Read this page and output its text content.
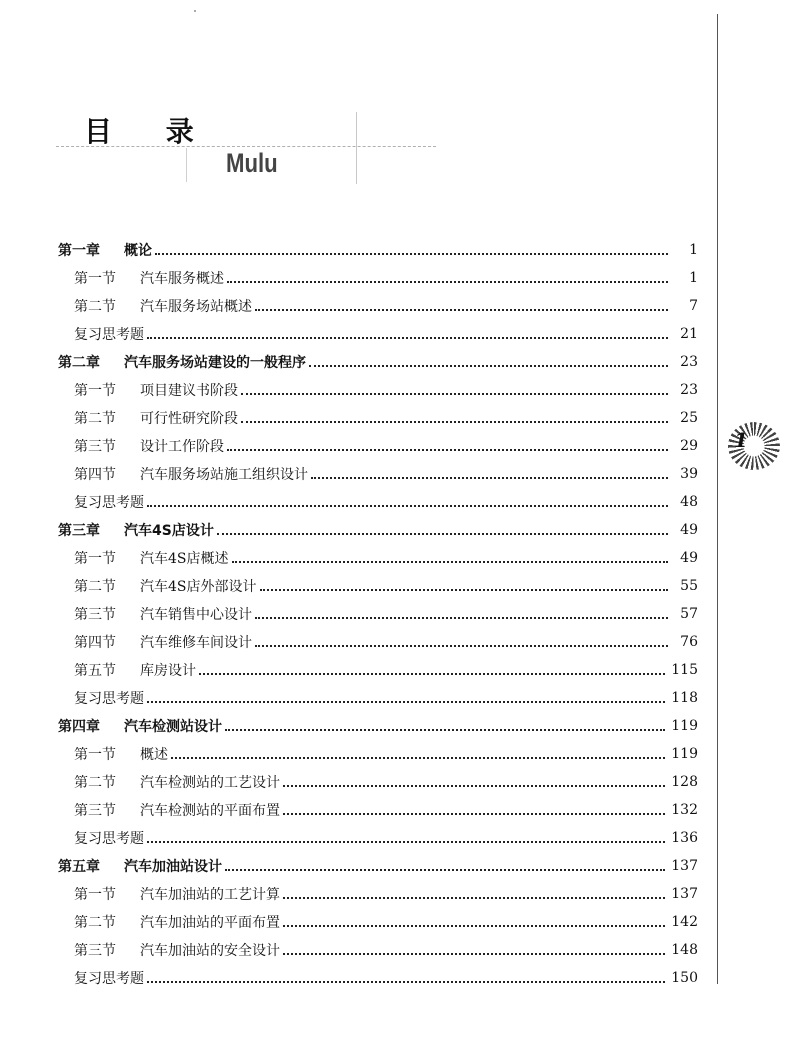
目 录
Mulu
第一章 概论	1
第一节 汽车服务概述	1
第二节 汽车服务场站概述	7
复习思考题	21
第二章 汽车服务场站建设的一般程序	23
第一节 项目建议书阶段	23
第二节 可行性研究阶段	25
第三节 设计工作阶段	29
第四节 汽车服务场站施工组织设计	39
复习思考题	48
第三章 汽车4S店设计	49
第一节 汽车4S店概述	49
第二节 汽车4S店外部设计	55
第三节 汽车销售中心设计	57
第四节 汽车维修车间设计	76
第五节 库房设计	115
复习思考题	118
第四章 汽车检测站设计	119
第一节 概述	119
第二节 汽车检测站的工艺设计	128
第三节 汽车检测站的平面布置	132
复习思考题	136
第五章 汽车加油站设计	137
第一节 汽车加油站的工艺计算	137
第二节 汽车加油站的平面布置	142
第三节 汽车加油站的安全设计	148
复习思考题	150
1
